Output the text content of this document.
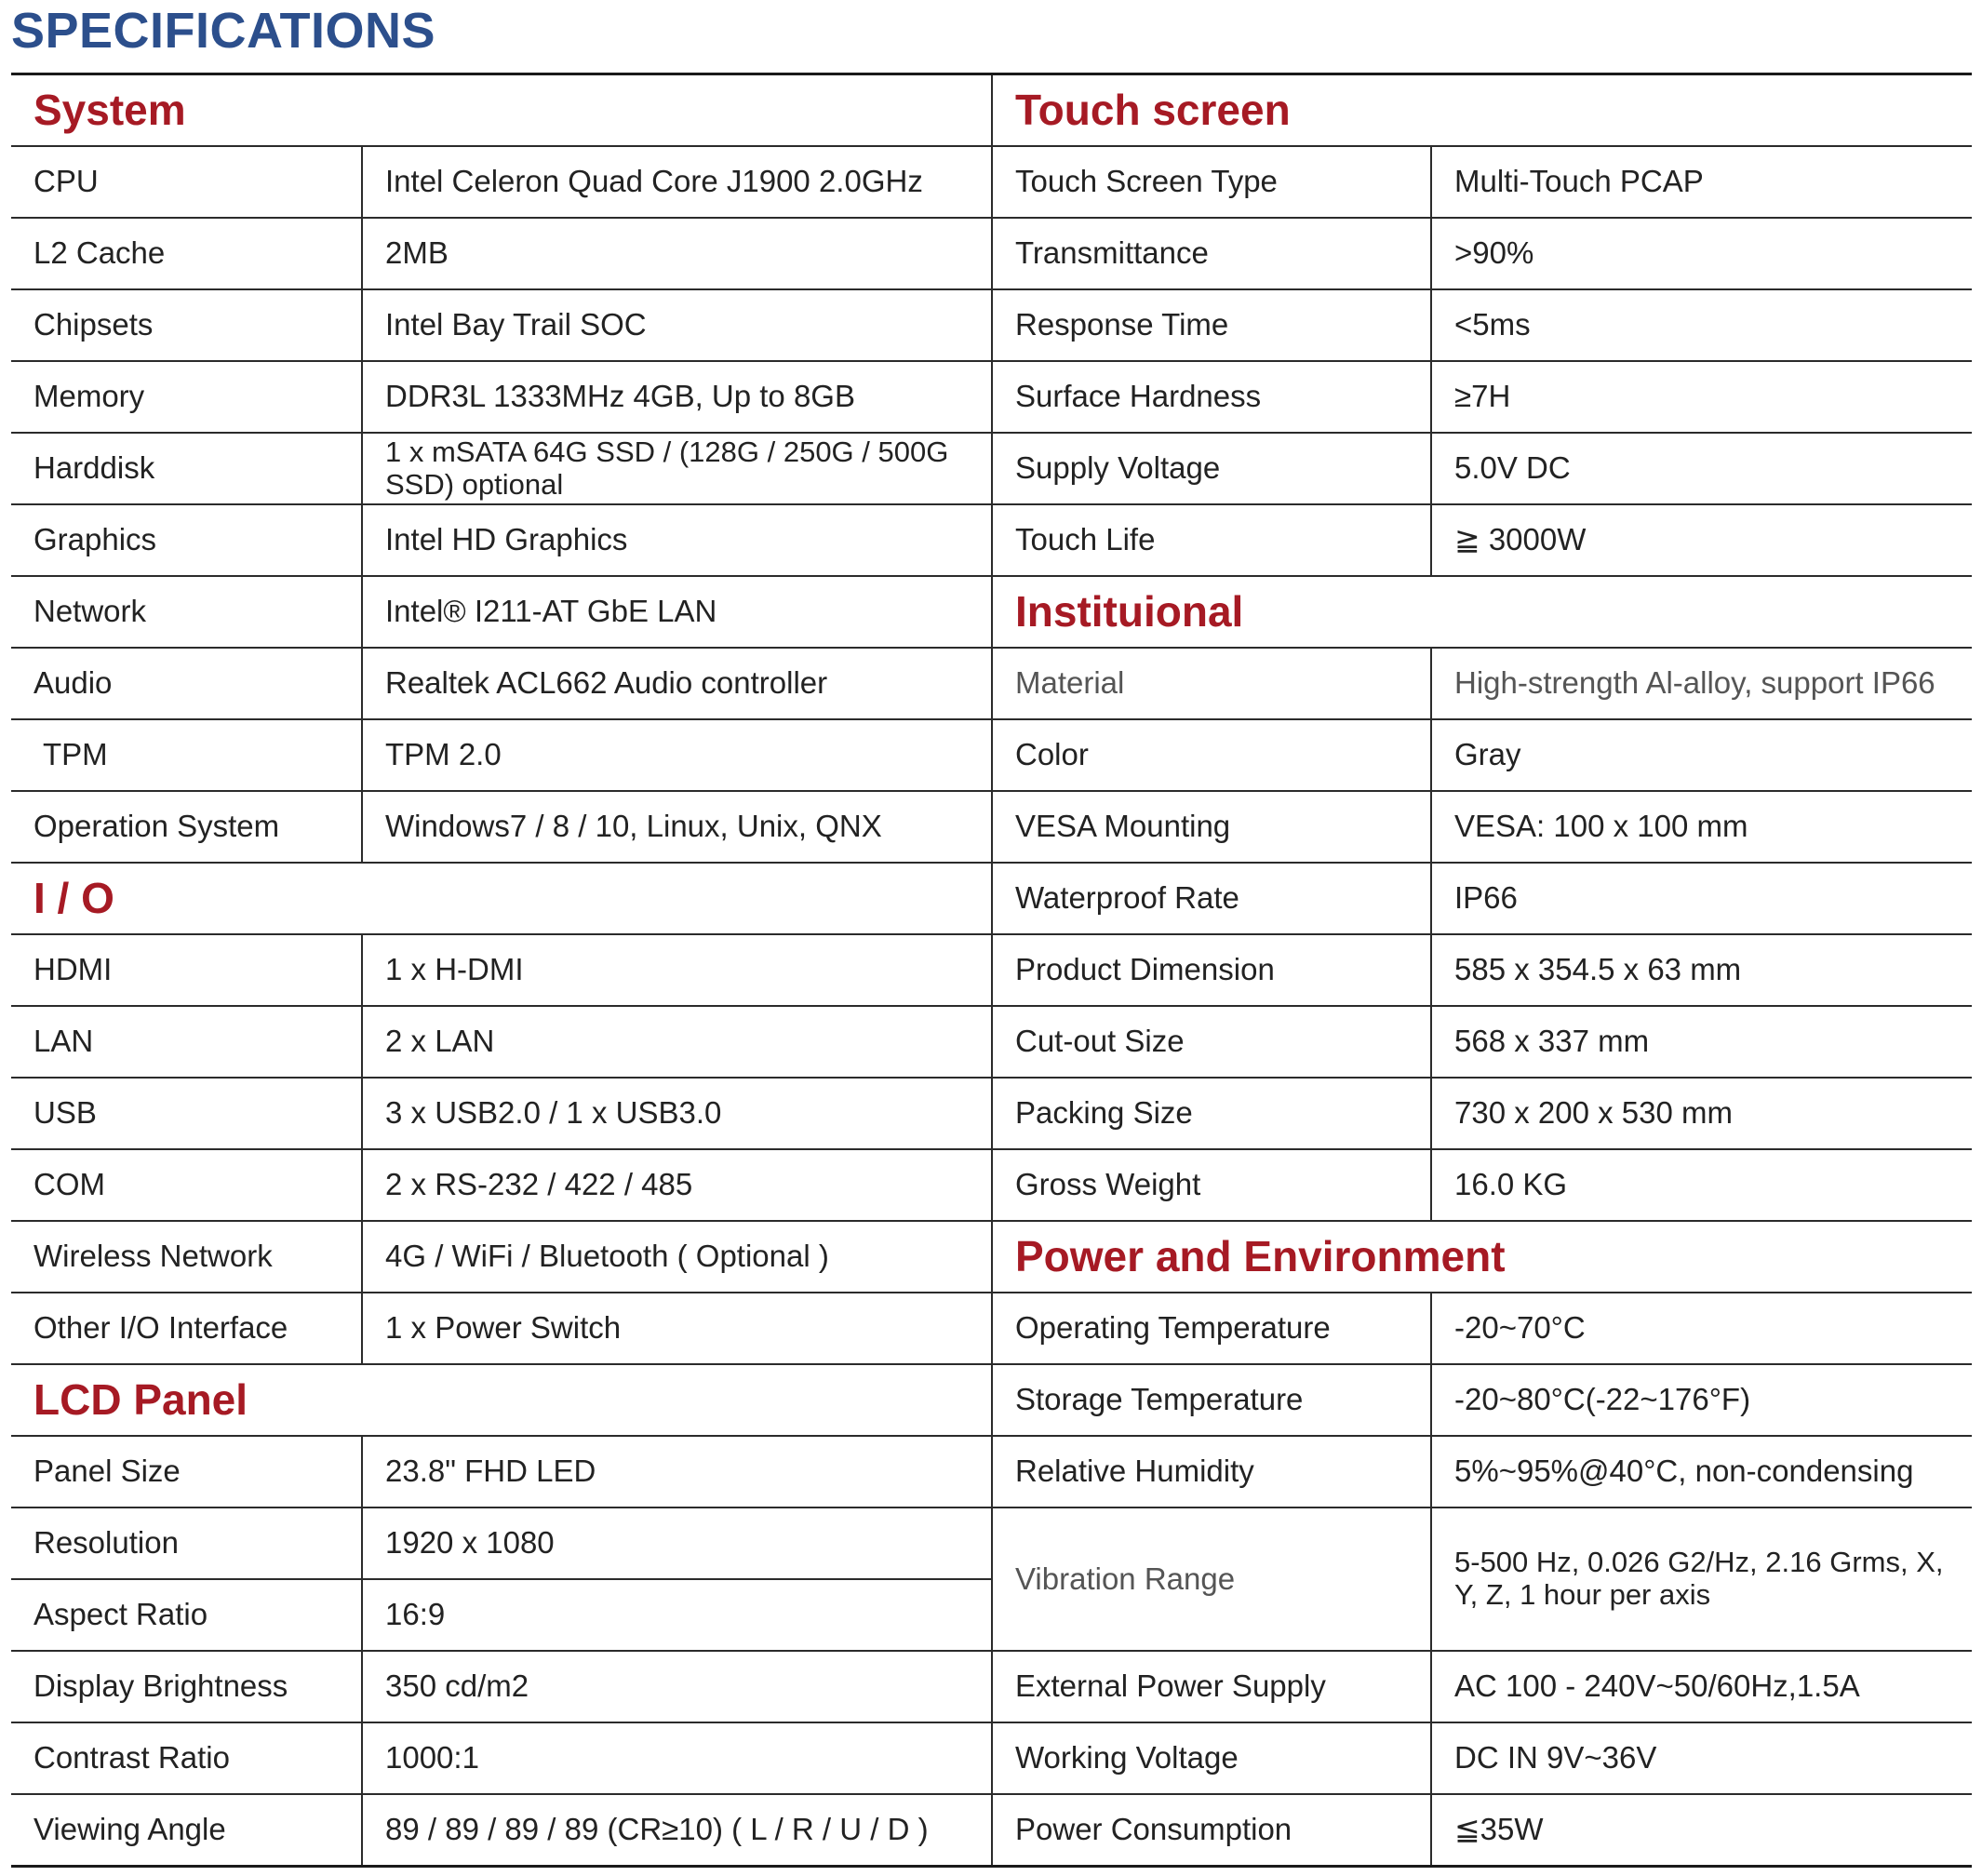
SPECIFICATIONS
System		Touch screen	
CPU	Intel Celeron Quad Core J1900 2.0GHz	Touch Screen Type	Multi-Touch PCAP
L2 Cache	2MB	Transmittance	>90%
Chipsets	Intel Bay Trail SOC	Response Time	<5ms
Memory	DDR3L 1333MHz 4GB, Up to 8GB	Surface Hardness	≥7H
Harddisk	1 x mSATA 64G SSD / (128G / 250G / 500G SSD) optional	Supply Voltage	5.0V DC
Graphics	Intel HD Graphics	Touch Life	≧ 3000W
Network	Intel® I211-AT GbE LAN	Instituional	
Audio	Realtek ACL662 Audio controller	Material	High-strength Al-alloy, support IP66
TPM	TPM 2.0	Color	Gray
Operation System	Windows7 / 8 / 10, Linux, Unix, QNX	VESA Mounting	VESA: 100 x 100 mm
I / O		Waterproof Rate	IP66
HDMI	1 x H-DMI	Product Dimension	585 x 354.5 x 63 mm
LAN	2 x LAN	Cut-out Size	568 x 337 mm
USB	3 x USB2.0 / 1 x USB3.0	Packing Size	730 x 200 x 530 mm
COM	2 x RS-232 / 422 / 485	Gross Weight	16.0 KG
Wireless Network	4G / WiFi / Bluetooth ( Optional )	Power and Environment	
Other I/O Interface	1 x Power Switch	Operating Temperature	-20~70°C
LCD Panel		Storage Temperature	-20~80°C(-22~176°F)
Panel Size	23.8" FHD LED	Relative Humidity	5%~95%@40°C, non-condensing
Resolution	1920 x 1080	Vibration Range	5-500 Hz, 0.026 G2/Hz, 2.16 Grms, X, Y, Z, 1 hour per axis
Aspect Ratio	16:9		
Display Brightness	350 cd/m2	External Power Supply	AC 100 - 240V~50/60Hz,1.5A
Contrast Ratio	1000:1	Working Voltage	DC IN 9V~36V
Viewing Angle	89 / 89 / 89 / 89 (CR≥10) ( L / R / U / D )	Power Consumption	≦35W
